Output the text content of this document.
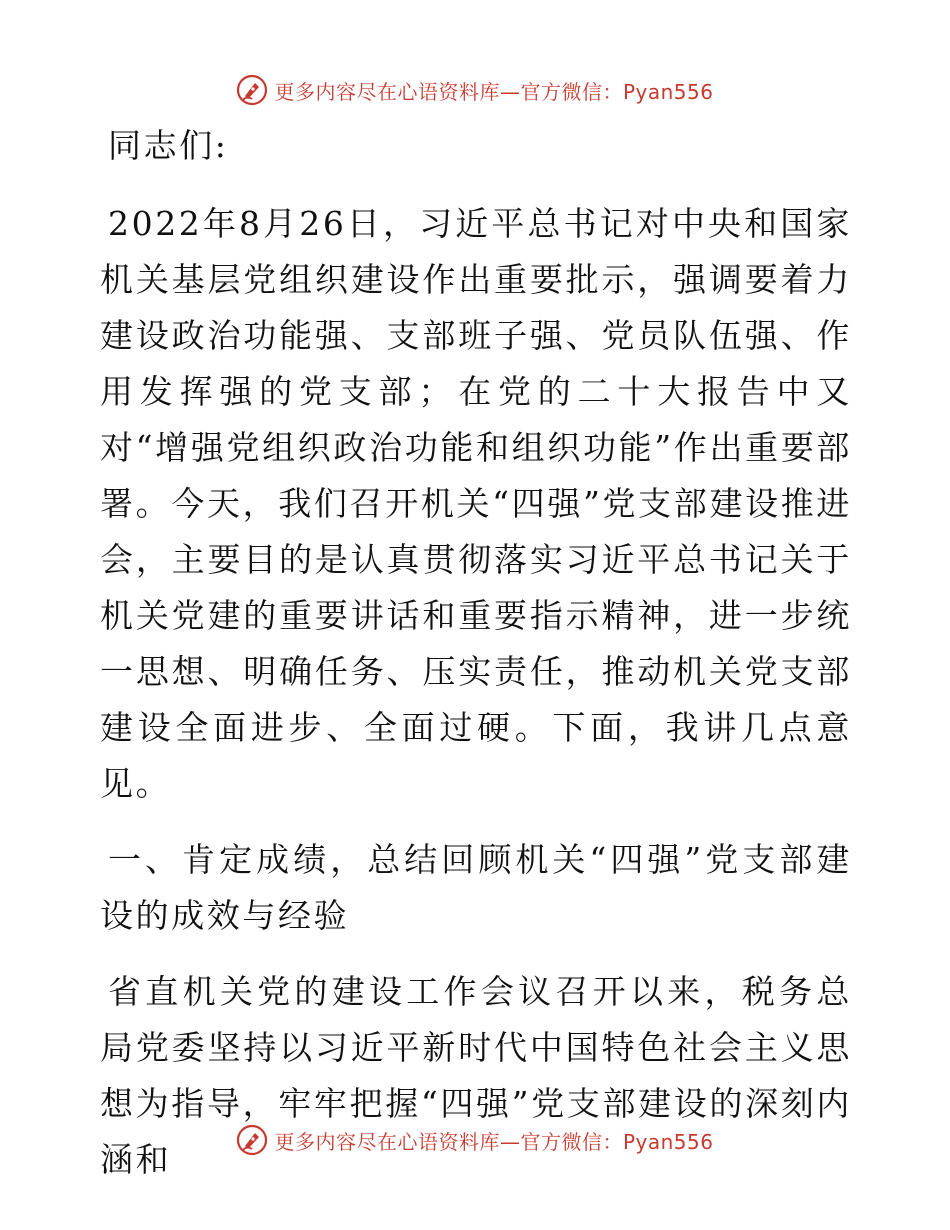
更多内容尽在心语资料库—官方微信：Pyan556

同志们:

2022年8月26日，习近平总书记对中央和国家机关基层党组织建设作出重要批示，强调要着力建设政治功能强、支部班子强、党员队伍强、作用发挥强的党支部；在党的二十大报告中又对“增强党组织政治功能和组织功能”作出重要部署。今天，我们召开机关“四强”党支部建设推进会，主要目的是认真贯彻落实习近平总书记关于机关党建的重要讲话和重要指示精神，进一步统一思想、明确任务、压实责任，推动机关党支部建设全面进步、全面过硬。下面，我讲几点意见。

一、肯定成绩，总结回顾机关“四强”党支部建设的成效与经验

省直机关党的建设工作会议召开以来，税务总局党委坚持以习近平新时代中国特色社会主义思想为指导，牢牢把握“四强”党支部建设的深刻内涵和	更多内容尽在心语资料库—官方微信：Pyan556
